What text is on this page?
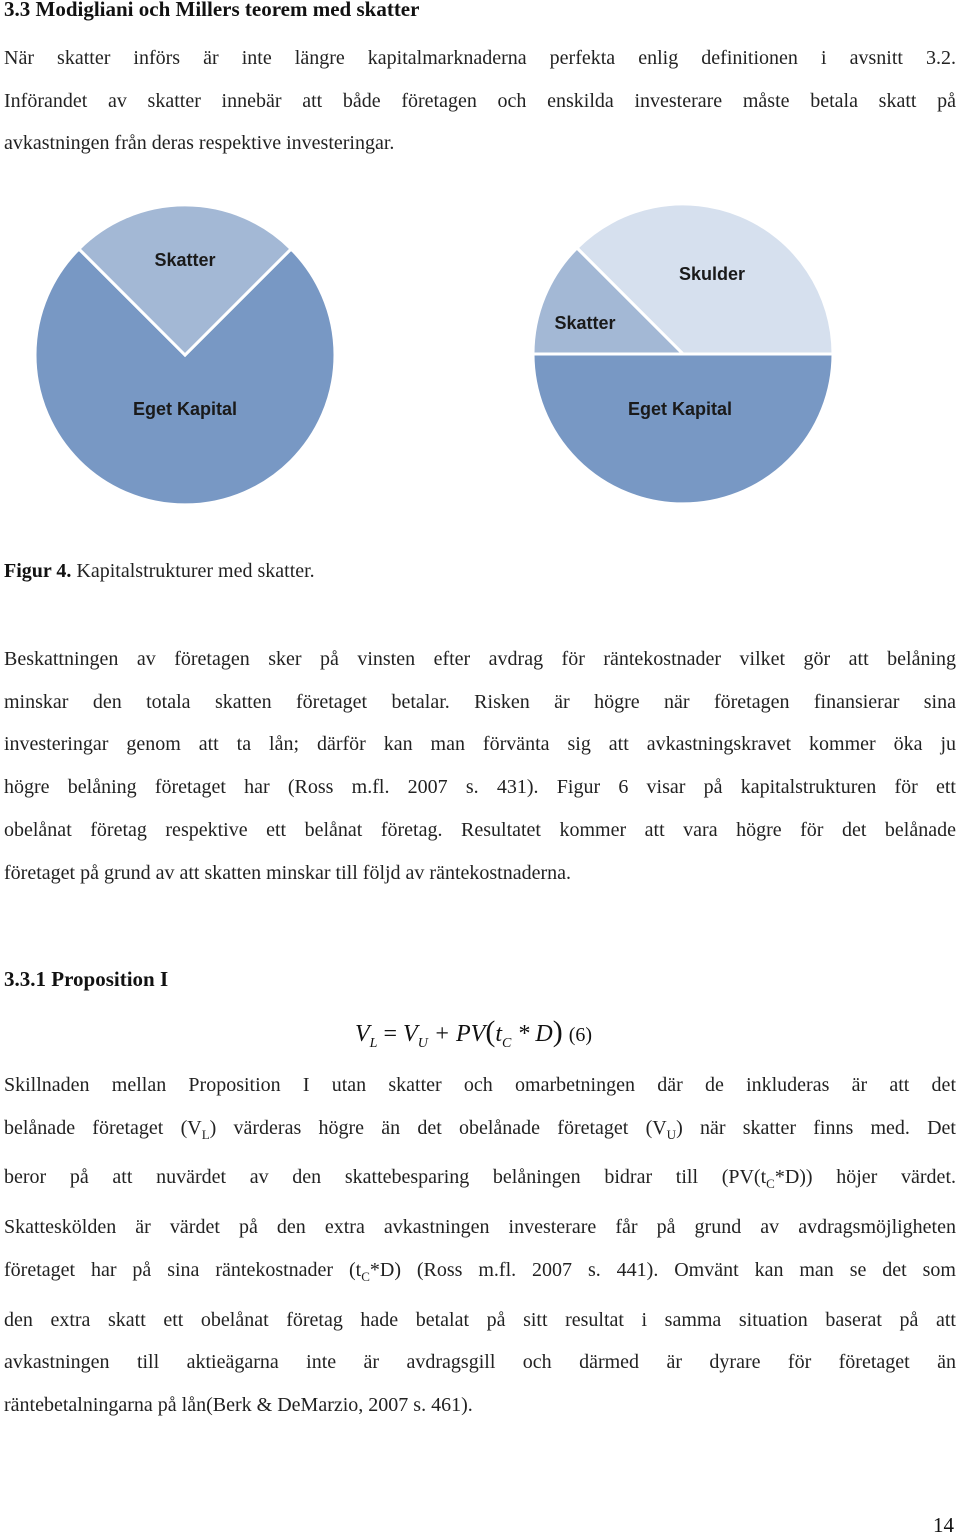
3.3 Modigliani och Millers teorem med skatter

När skatter införs är inte längre kapitalmarknaderna perfekta enlig definitionen i avsnitt 3.2.
Införandet av skatter innebär att både företagen och enskilda investerare måste betala skatt på
avkastningen från deras respektive investeringar.

Skatter
Eget Kapital
Skulder
Skatter
Eget Kapital
Figur 4. Kapitalstrukturer med skatter.

Beskattningen av företagen sker på vinsten efter avdrag för räntekostnader vilket gör att belåning
minskar den totala skatten företaget betalar. Risken är högre när företagen finansierar sina
investeringar genom att ta lån; därför kan man förvänta sig att avkastningskravet kommer öka ju
högre belåning företaget har (Ross m.fl. 2007 s. 431). Figur 6 visar på kapitalstrukturen för ett
obelånat företag respektive ett belånat företag. Resultatet kommer att vara högre för det belånade
företaget på grund av att skatten minskar till följd av räntekostnaderna.

3.3.1 Proposition I
$V_L = V_U + PV(t_C * D)$ (6)

Skillnaden mellan Proposition I utan skatter och omarbetningen där de inkluderas är att det
belånade företaget $(V_L)$ värderas högre än det obelånade företaget $(V_U)$ när skatter finns med. Det
beror på att nuvärdet av den skattebesparing belåningen bidrar till $(PV(t_C*D))$ höjer värdet.
Skatteskölden är värdet på den extra avkastningen investerare får på grund av avdragsmöjligheten
företaget har på sina räntekostnader $(t_C*D)$ (Ross m.fl. 2007 s. 441). Omvänt kan man se det som
den extra skatt ett obelånat företag hade betalat på sitt resultat i samma situation baserat på att
avkastningen till aktieägarna inte är avdragsgill och därmed är dyrare för företaget än
räntebetalningarna på lån(Berk & DeMarzio, 2007 s. 461).

14
